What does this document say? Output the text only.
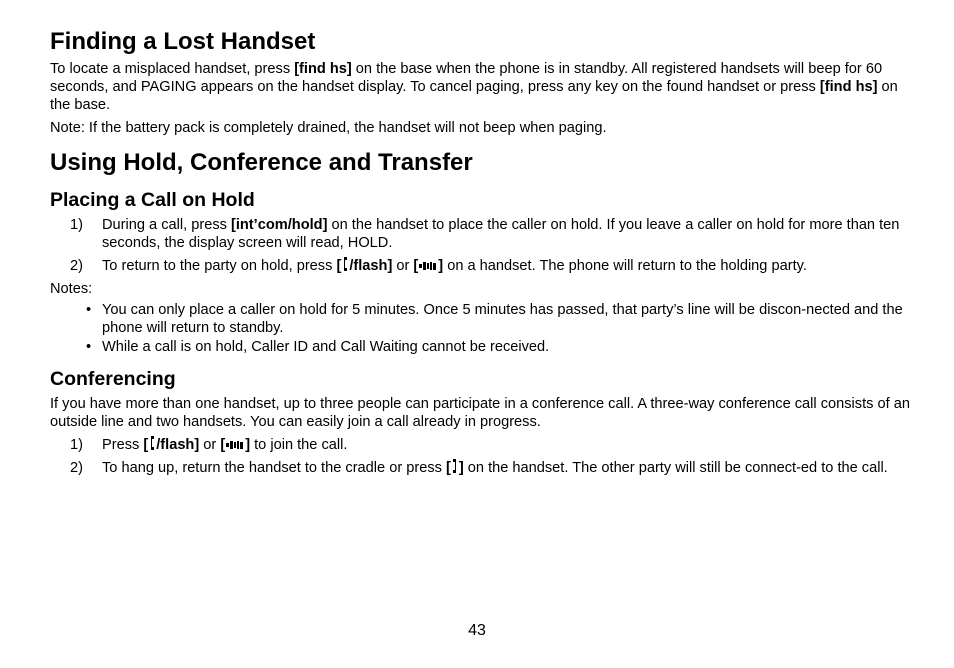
Finding a Lost Handset

To locate a misplaced handset, press [find hs] on the base when the phone is in standby. All registered handsets will beep for 60 seconds, and PAGING appears on the handset display. To cancel paging, press any key on the found handset or press [find hs] on the base.

Note: If the battery pack is completely drained, the handset will not beep when paging.

Using Hold, Conference and Transfer
Placing a Call on Hold
1) During a call, press [int’com/hold] on the handset to place the caller on hold. If you leave a caller on hold for more than ten seconds, the display screen will read, HOLD.
2) To return to the party on hold, press [ /flash] or [ ] on a handset. The phone will return to the holding party.

Notes:

• You can only place a caller on hold for 5 minutes. Once 5 minutes has passed, that party’s line will be discon-nected and the phone will return to standby.
• While a call is on hold, Caller ID and Call Waiting cannot be received.
Conferencing

If you have more than one handset, up to three people can participate in a conference call. A three-way conference call consists of an outside line and two handsets. You can easily join a call already in progress.

1) Press [ /flash] or [ ] to join the call.
2) To hang up, return the handset to the cradle or press [ ] on the handset. The other party will still be connect-ed to the call.
43
